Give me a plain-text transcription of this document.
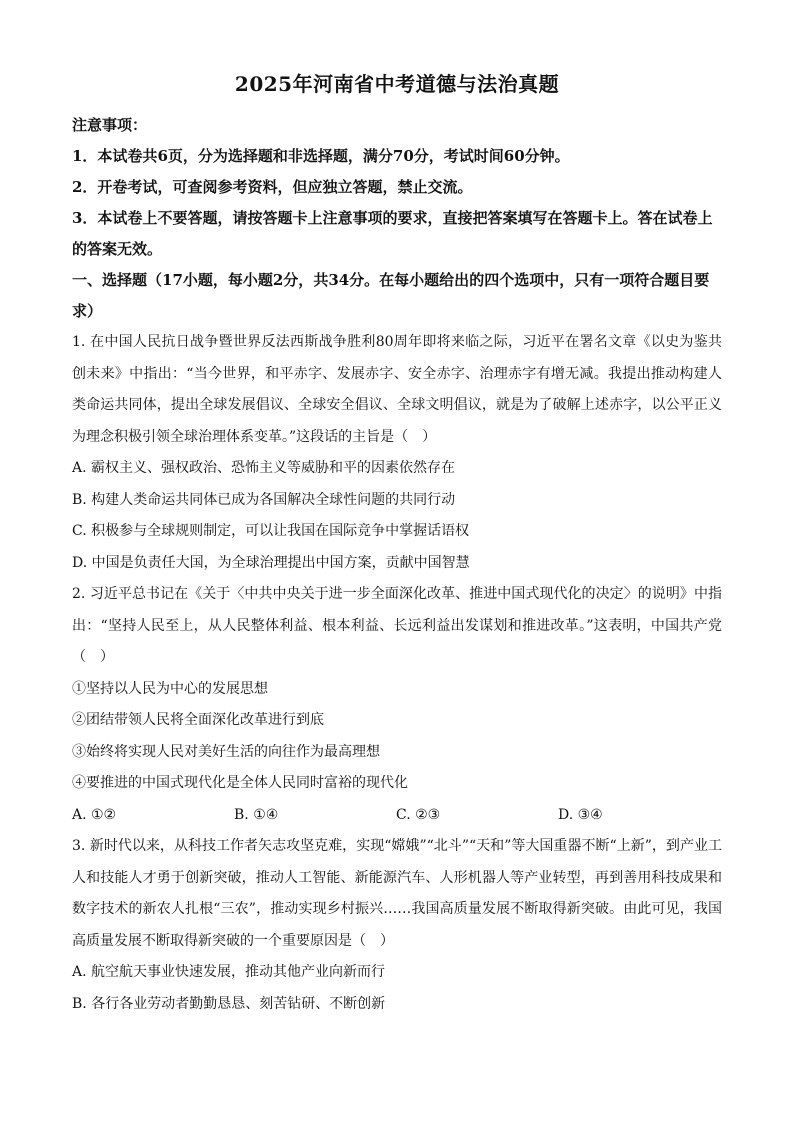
2025年河南省中考道德与法治真题
注意事项：

1．本试卷共6页，分为选择题和非选择题，满分70分，考试时间60分钟。

2．开卷考试，可查阅参考资料，但应独立答题，禁止交流。

3．本试卷上不要答题，请按答题卡上注意事项的要求，直接把答案填写在答题卡上。答在试卷上的答案无效。

一、选择题（17小题，每小题2分，共34分。在每小题给出的四个选项中，只有一项符合题目要求）

1. 在中国人民抗日战争暨世界反法西斯战争胜利80周年即将来临之际，习近平在署名文章《以史为鉴共创未来》中指出：“当今世界，和平赤字、发展赤字、安全赤字、治理赤字有增无减。我提出推动构建人类命运共同体，提出全球发展倡议、全球安全倡议、全球文明倡议，就是为了破解上述赤字，以公平正义为理念积极引领全球治理体系变革。”这段话的主旨是（　）

A. 霸权主义、强权政治、恐怖主义等威胁和平的因素依然存在

B. 构建人类命运共同体已成为各国解决全球性问题的共同行动

C. 积极参与全球规则制定，可以让我国在国际竞争中掌握话语权

D. 中国是负责任大国，为全球治理提出中国方案，贡献中国智慧

2. 习近平总书记在《关于〈中共中央关于进一步全面深化改革、推进中国式现代化的决定〉的说明》中指出：“坚持人民至上，从人民整体利益、根本利益、长远利益出发谋划和推进改革。”这表明，中国共产党（　）

①坚持以人民为中心的发展思想

②团结带领人民将全面深化改革进行到底

③始终将实现人民对美好生活的向往作为最高理想

④要推进的中国式现代化是全体人民同时富裕的现代化

A. ①②	B. ①④	C. ②③	D. ③④

3. 新时代以来，从科技工作者矢志攻坚克难，实现“嫦娥”“北斗”“天和”等大国重器不断“上新”，到产业工人和技能人才勇于创新突破，推动人工智能、新能源汽车、人形机器人等产业转型，再到善用科技成果和数字技术的新农人扎根“三农”，推动实现乡村振兴……我国高质量发展不断取得新突破。由此可见，我国高质量发展不断取得新突破的一个重要原因是（　）

A. 航空航天事业快速发展，推动其他产业向新而行

B. 各行各业劳动者勤勤恳恳、刻苦钻研、不断创新
